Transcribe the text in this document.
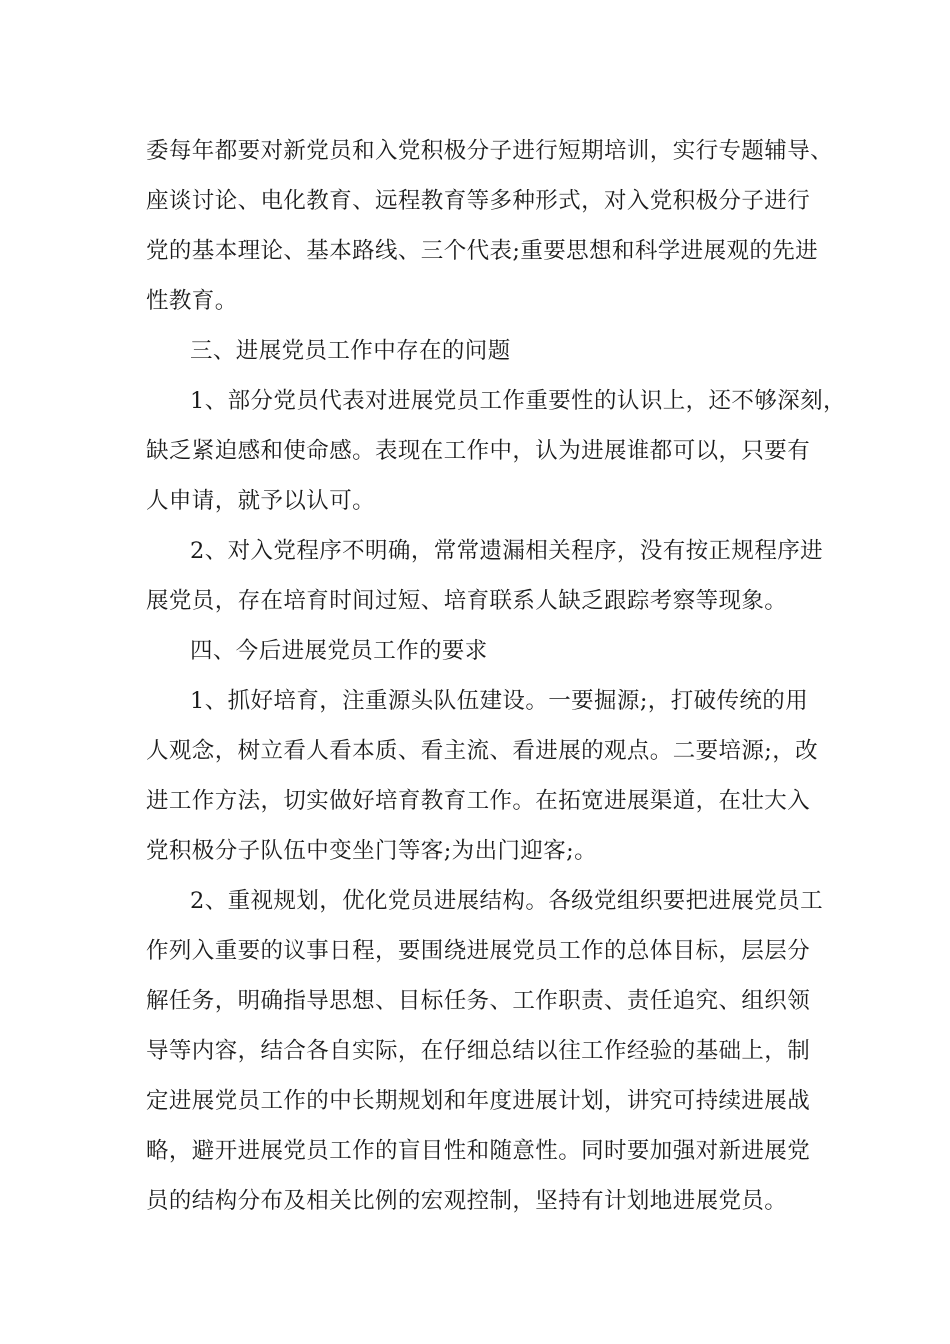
委每年都要对新党员和入党积极分子进行短期培训，实行专题辅导、
座谈讨论、电化教育、远程教育等多种形式，对入党积极分子进行
党的基本理论、基本路线、三个代表;重要思想和科学进展观的先进
性教育。
三、进展党员工作中存在的问题
1、部分党员代表对进展党员工作重要性的认识上，还不够深刻，
缺乏紧迫感和使命感。表现在工作中，认为进展谁都可以，只要有
人申请，就予以认可。
2、对入党程序不明确，常常遗漏相关程序，没有按正规程序进
展党员，存在培育时间过短、培育联系人缺乏跟踪考察等现象。
四、今后进展党员工作的要求
1、抓好培育，注重源头队伍建设。一要掘源;，打破传统的用
人观念，树立看人看本质、看主流、看进展的观点。二要培源;，改
进工作方法，切实做好培育教育工作。在拓宽进展渠道，在壮大入
党积极分子队伍中变坐门等客;为出门迎客;。
2、重视规划，优化党员进展结构。各级党组织要把进展党员工
作列入重要的议事日程，要围绕进展党员工作的总体目标，层层分
解任务，明确指导思想、目标任务、工作职责、责任追究、组织领
导等内容，结合各自实际，在仔细总结以往工作经验的基础上，制
定进展党员工作的中长期规划和年度进展计划，讲究可持续进展战
略，避开进展党员工作的盲目性和随意性。同时要加强对新进展党
员的结构分布及相关比例的宏观控制，坚持有计划地进展党员。
